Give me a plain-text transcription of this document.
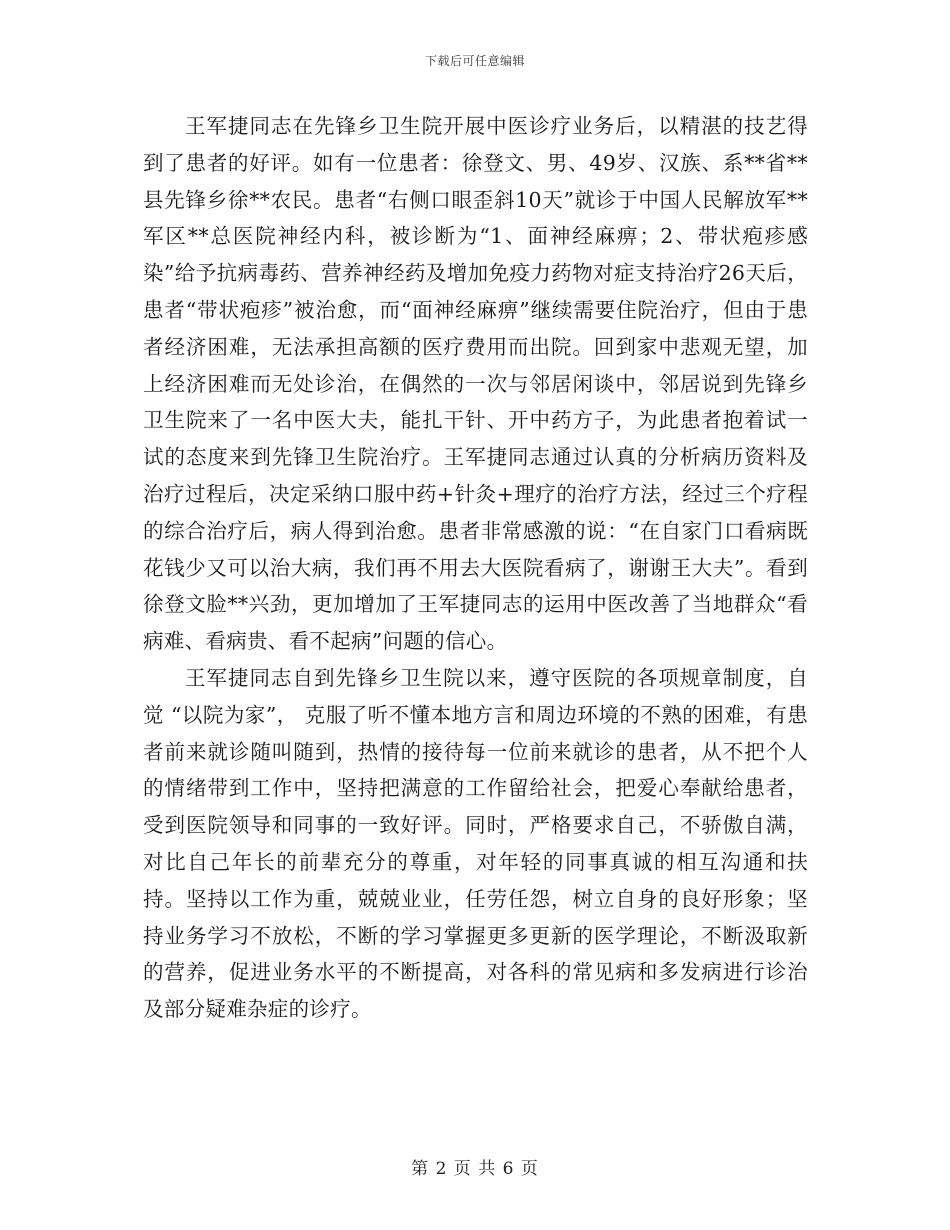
下载后可任意编辑

王军捷同志在先锋乡卫生院开展中医诊疗业务后，以精湛的技艺得到了患者的好评。如有一位患者：徐登文、男、49岁、汉族、系**省**县先锋乡徐**农民。患者“右侧口眼歪斜10天”就诊于中国人民解放军**军区**总医院神经内科，被诊断为“1、面神经麻痹；2、带状疱疹感染”给予抗病毒药、营养神经药及增加免疫力药物对症支持治疗26天后，患者“带状疱疹”被治愈，而“面神经麻痹”继续需要住院治疗，但由于患者经济困难，无法承担高额的医疗费用而出院。回到家中悲观无望，加上经济困难而无处诊治，在偶然的一次与邻居闲谈中，邻居说到先锋乡卫生院来了一名中医大夫，能扎干针、开中药方子，为此患者抱着试一试的态度来到先锋卫生院治疗。王军捷同志通过认真的分析病历资料及治疗过程后，决定采纳口服中药+针灸+理疗的治疗方法，经过三个疗程的综合治疗后，病人得到治愈。患者非常感激的说：“在自家门口看病既花钱少又可以治大病，我们再不用去大医院看病了，谢谢王大夫”。看到徐登文脸**兴劲，更加增加了王军捷同志的运用中医改善了当地群众“看病难、看病贵、看不起病”问题的信心。

王军捷同志自到先锋乡卫生院以来，遵守医院的各项规章制度，自觉 “以院为家”， 克服了听不懂本地方言和周边环境的不熟的困难，有患者前来就诊随叫随到，热情的接待每一位前来就诊的患者，从不把个人的情绪带到工作中，坚持把满意的工作留给社会，把爱心奉献给患者，受到医院领导和同事的一致好评。同时，严格要求自己，不骄傲自满，对比自己年长的前辈充分的尊重，对年轻的同事真诚的相互沟通和扶持。坚持以工作为重，兢兢业业，任劳任怨，树立自身的良好形象；坚持业务学习不放松，不断的学习掌握更多更新的医学理论，不断汲取新的营养，促进业务水平的不断提高，对各科的常见病和多发病进行诊治及部分疑难杂症的诊疗。

第 2 页 共 6 页
